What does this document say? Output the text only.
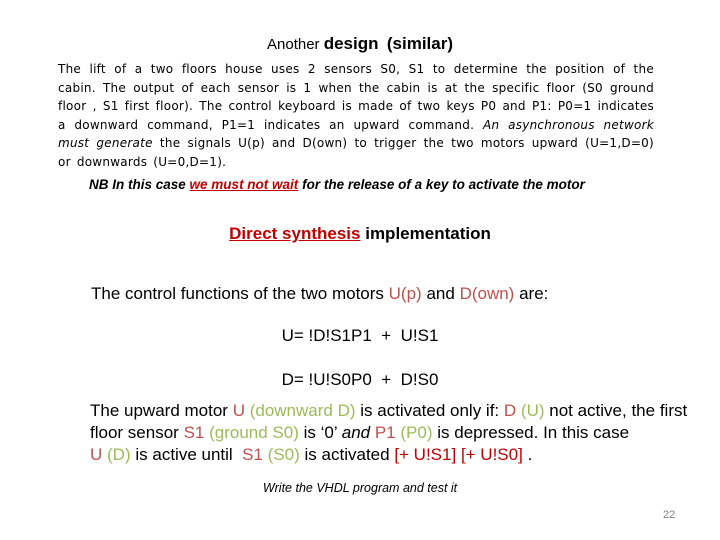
Another design (similar)
The lift of a two floors house uses 2 sensors S0, S1 to determine the position of the cabin. The output of each sensor is 1 when the cabin is at the specific floor (S0 ground floor , S1 first floor). The control keyboard is made of two keys P0 and P1: P0=1 indicates a downward command, P1=1 indicates an upward command. An asynchronous network must generate the signals U(p) and D(own) to trigger the two motors upward (U=1,D=0) or downwards (U=0,D=1).
NB In this case we must not wait for the release of a key to activate the motor
Direct synthesis implementation
The control functions of the two motors U(p) and D(own) are:
U= !D!S1P1  +  U!S1
D= !U!S0P0  +  D!S0
The upward motor U (downward D) is activated only if: D (U) not active, the first floor sensor S1 (ground S0) is ‘0’ and P1 (P0) is depressed. In this case
U (D) is active until S1 (S0) is activated [+ U!S1] [+ U!S0] .
Write the VHDL program and test it
22
